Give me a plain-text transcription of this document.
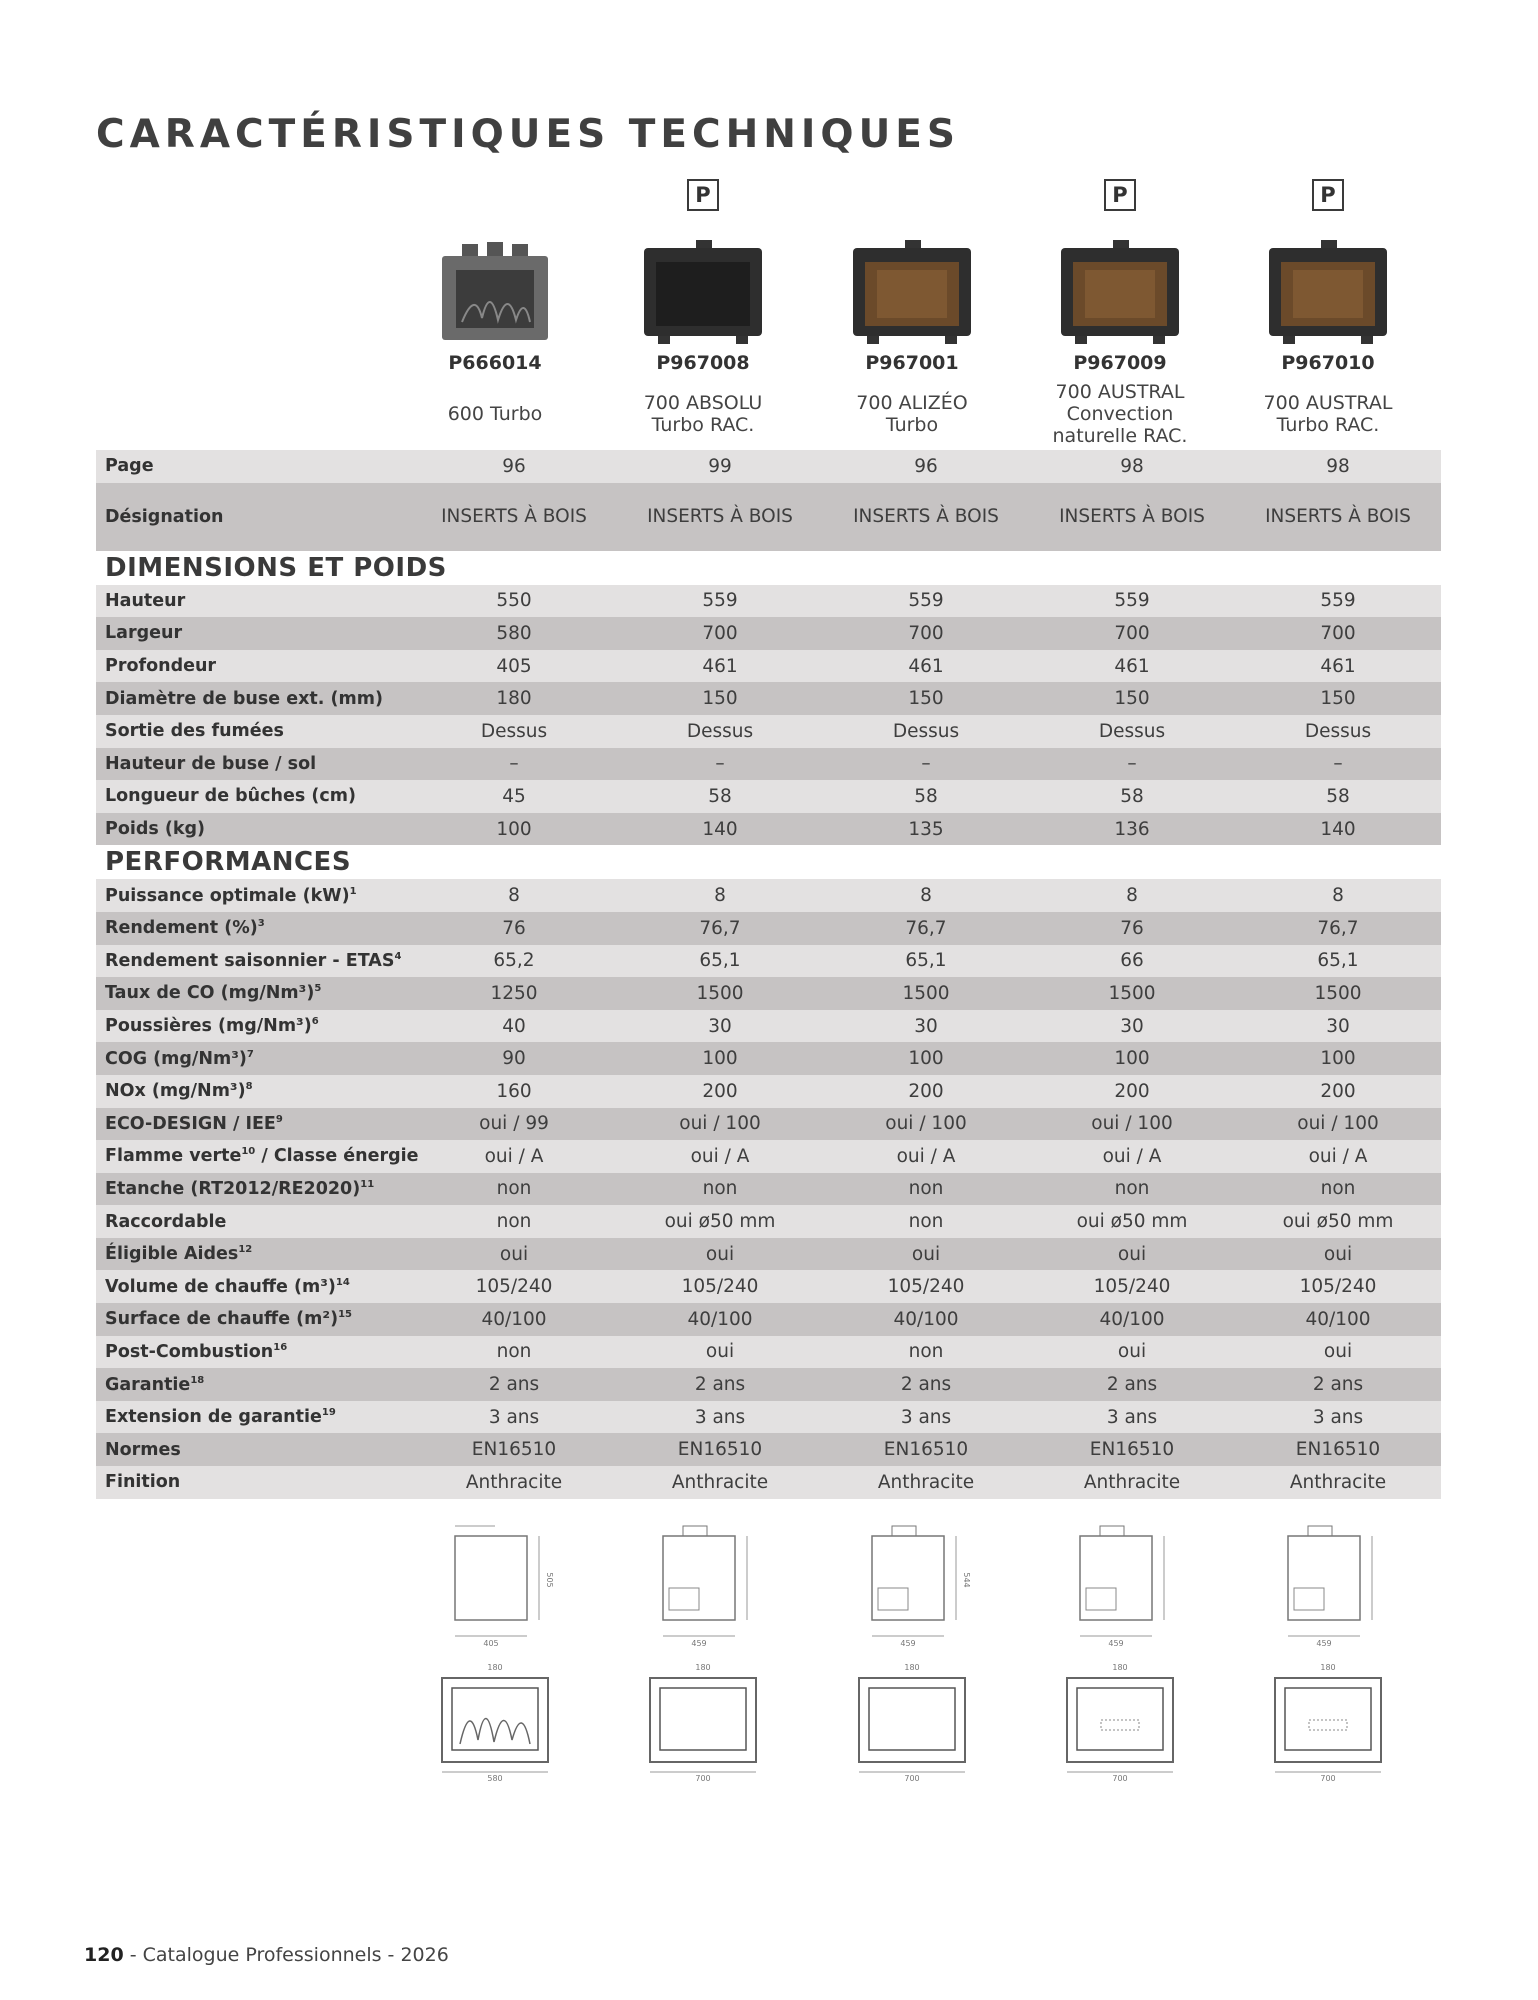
CARACTÉRISTIQUES TECHNIQUES
P666014
600 Turbo
P
P967008
700 ABSOLU
Turbo RAC.
P967001
700 ALIZÉO
Turbo
P
P967009
700 AUSTRAL
Convection
naturelle RAC.
P
P967010
700 AUSTRAL
Turbo RAC.
Page	96	99	96	98	98
Désignation	INSERTS À BOIS	INSERTS À BOIS	INSERTS À BOIS	INSERTS À BOIS	INSERTS À BOIS
DIMENSIONS ET POIDS					
Hauteur	550	559	559	559	559
Largeur	580	700	700	700	700
Profondeur	405	461	461	461	461
Diamètre de buse ext. (mm)	180	150	150	150	150
Sortie des fumées	Dessus	Dessus	Dessus	Dessus	Dessus
Hauteur de buse / sol	–	–	–	–	–
Longueur de bûches (cm)	45	58	58	58	58
Poids (kg)	100	140	135	136	140
PERFORMANCES					
Puissance optimale (kW)$^1$	8	8	8	8	8
Rendement (%)$^3$	76	76,7	76,7	76	76,7
Rendement saisonnier - ETAS$^4$	65,2	65,1	65,1	66	65,1
Taux de CO $(mg/Nm^3)^5$	1250	1500	1500	1500	1500
Poussières $(mg/Nm^3)^6$	40	30	30	30	30
COG $(mg/Nm^3)^7$	90	100	100	100	100
NOx $(mg/Nm^3)^8$	160	200	200	200	200
ECO-DESIGN / IEE$^9$	oui / 99	oui / 100	oui / 100	oui / 100	oui / 100
Flamme verte$^{10}$ / Classe énergie	oui / A	oui / A	oui / A	oui / A	oui / A
Etanche $(RT2012/RE2020)^{11}$	non	non	non	non	non
Raccordable	non	oui ø50 mm	non	oui ø50 mm	oui ø50 mm
Éligible Aides$^{12}$	oui	oui	oui	oui	oui
Volume de chauffe $(m^3)^{14}$	105/240	105/240	105/240	105/240	105/240
Surface de chauffe $(m^2)^{15}$	40/100	40/100	40/100	40/100	40/100
Post-Combustion$^{16}$	non	oui	non	oui	oui
Garantie$^{18}$	2 ans	2 ans	2 ans	2 ans	2 ans
Extension de garantie$^{19}$	3 ans	3 ans	3 ans	3 ans	3 ans
Normes	EN16510	EN16510	EN16510	EN16510	EN16510
Finition	Anthracite	Anthracite	Anthracite	Anthracite	Anthracite
405
505
180
580
459
180
700
459
544
180
700
459
180
700
459
180
700
120 - Catalogue Professionnels - 2026
